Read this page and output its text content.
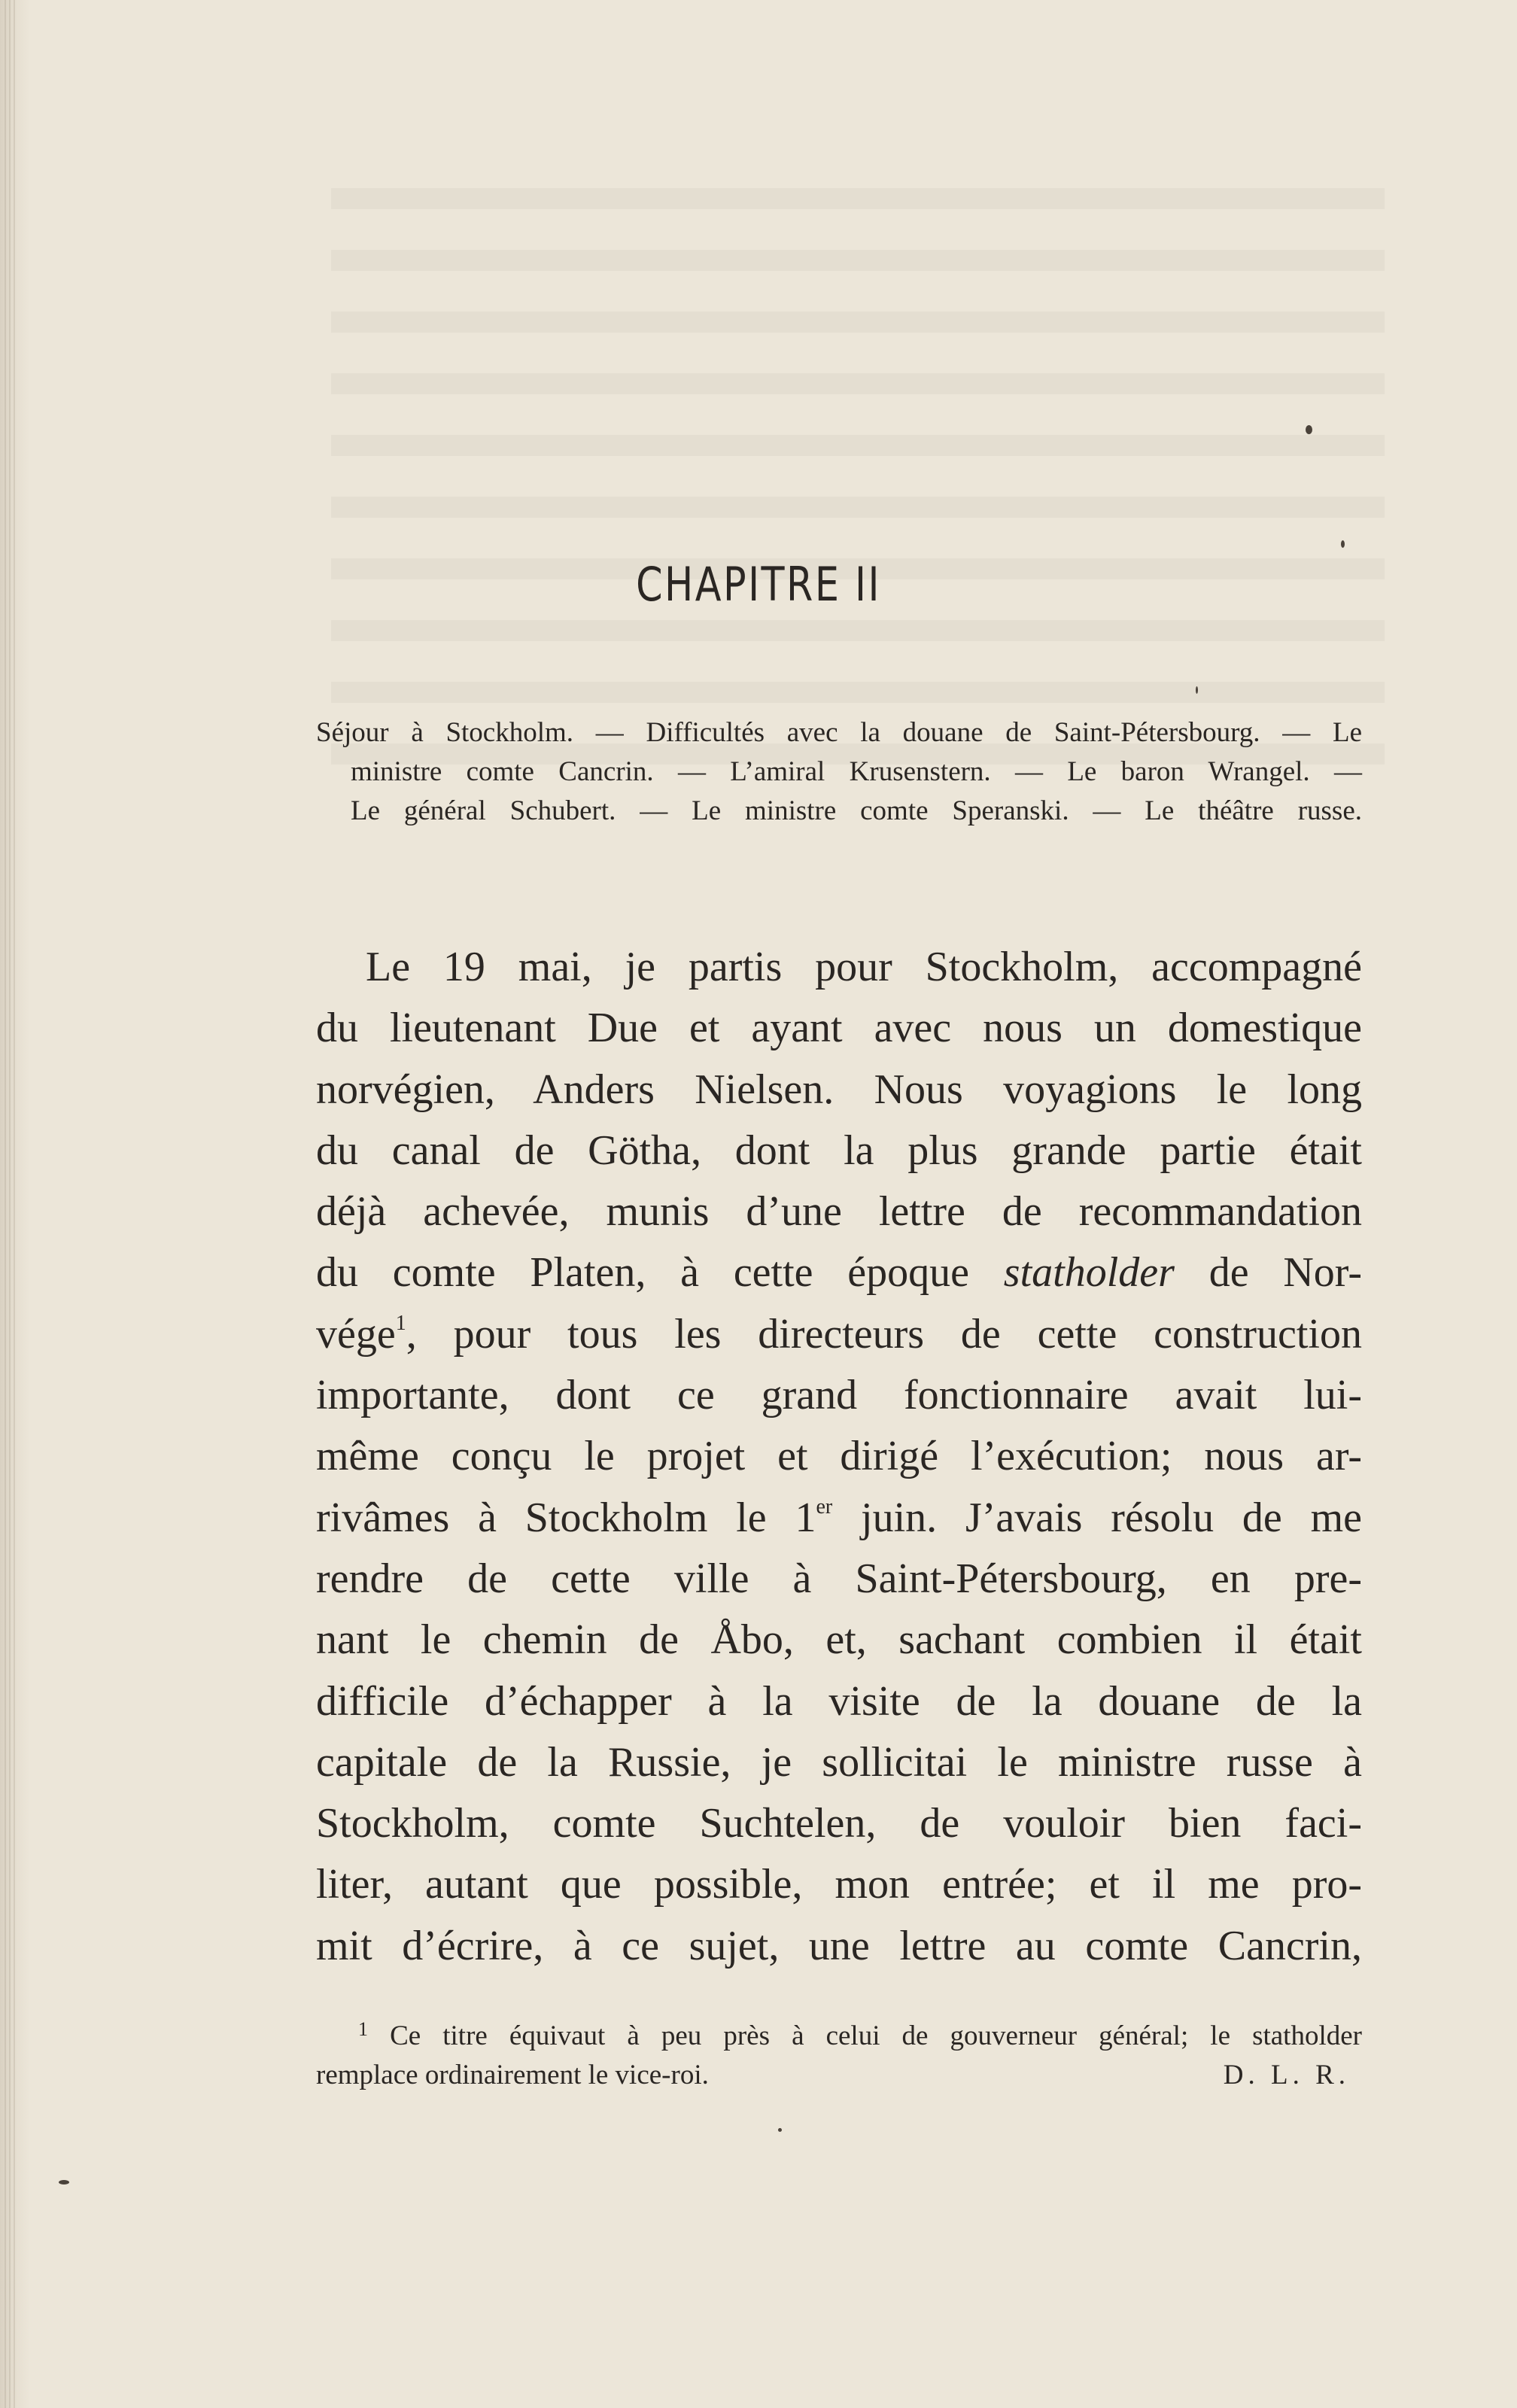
CHAPITRE II
Séjour à Stockholm. — Difficultés avec la douane de Saint-Pétersbourg. — Le
ministre comte Cancrin. — L’amiral Krusenstern. — Le baron Wrangel. —
Le général Schubert. — Le ministre comte Speranski. — Le théâtre russe.
Le 19 mai, je partis pour Stockholm, accompagné
du lieutenant Due et ayant avec nous un domestique
norvégien, Anders Nielsen. Nous voyagions le long
du canal de Götha, dont la plus grande partie était
déjà achevée, munis d’une lettre de recommandation
du comte Platen, à cette époque statholder de Nor-
vége$^1$, pour tous les directeurs de cette construction
importante, dont ce grand fonctionnaire avait lui-
même conçu le projet et dirigé l’exécution; nous ar-
rivâmes à Stockholm le 1er juin. J’avais résolu de me
rendre de cette ville à Saint-Pétersbourg, en pre-
nant le chemin de Åbo, et, sachant combien il était
difficile d’échapper à la visite de la douane de la
capitale de la Russie, je sollicitai le ministre russe à
Stockholm, comte Suchtelen, de vouloir bien faci-
liter, autant que possible, mon entrée; et il me pro-
mit d’écrire, à ce sujet, une lettre au comte Cancrin,
$^1$ Ce titre équivaut à peu près à celui de gouverneur général; le statholder
remplace ordinairement le vice-roi.	D. L. R.
